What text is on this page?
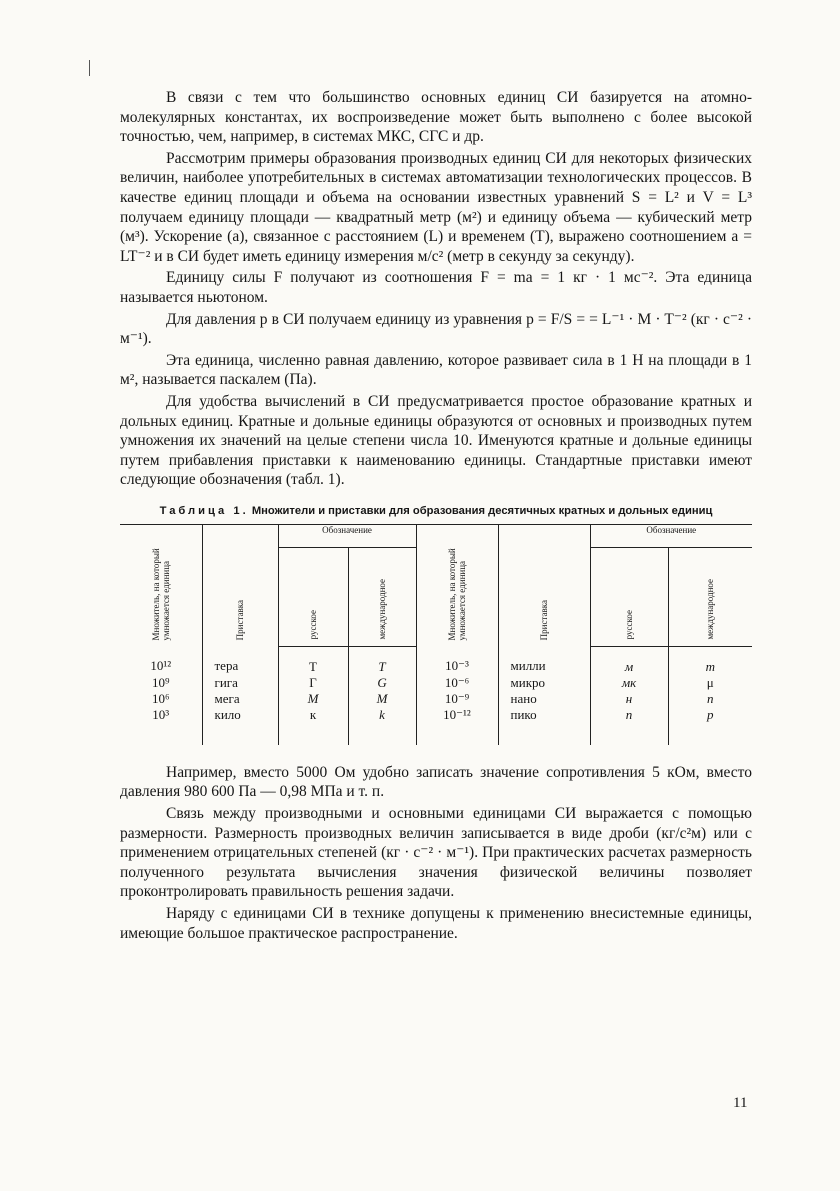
В связи с тем что большинство основных единиц СИ базируется на атомно-молекулярных константах, их воспроизведение может быть выполнено с более высокой точностью, чем, например, в системах МКС, СГС и др.

Рассмотрим примеры образования производных единиц СИ для некоторых физических величин, наиболее употребительных в системах автоматизации технологических процессов. В качестве единиц площади и объема на основании известных уравнений S = L² и V = L³ получаем единицу площади — квадратный метр (м²) и единицу объема — кубический метр (м³). Ускорение (a), связанное с расстоянием (L) и временем (T), выражено соотношением a = LT⁻² и в СИ будет иметь единицу измерения м/с² (метр в секунду за секунду).

Единицу силы F получают из соотношения F = ma = 1 кг · 1 мс⁻². Эта единица называется ньютоном.

Для давления p в СИ получаем единицу из уравнения p = F/S = = L⁻¹ · M · T⁻² (кг · с⁻² · м⁻¹).

Эта единица, численно равная давлению, которое развивает сила в 1 Н на площади в 1 м², называется паскалем (Па).

Для удобства вычислений в СИ предусматривается простое образование кратных и дольных единиц. Кратные и дольные единицы образуются от основных и производных путем умножения их значений на целые степени числа 10. Именуются кратные и дольные единицы путем прибавления приставки к наименованию единицы. Стандартные приставки имеют следующие обозначения (табл. 1).

Таблица 1. Множители и приставки для образования десятичных кратных и дольных единиц
Множитель, на который умножается единица	Приставка	Обозначение		Множитель, на который умножается единица	Приставка	Обозначение	

		русское	международное			русское	международное

10¹²	тера	Т	T	10⁻³	милли	м	m
10⁹	гига	Г	G	10⁻⁶	микро	мк	μ
10⁶	мега	М	M	10⁻⁹	нано	н	n
10³	кило	к	k	10⁻¹²	пико	п	p

Например, вместо 5000 Ом удобно записать значение сопротивления 5 кОм, вместо давления 980 600 Па — 0,98 МПа и т. п.

Связь между производными и основными единицами СИ выражается с помощью размерности. Размерность производных величин записывается в виде дроби (кг/с²м) или с применением отрицательных степеней (кг · с⁻² · м⁻¹). При практических расчетах размерность полученного результата вычисления значения физической величины позволяет проконтролировать правильность решения задачи.

Наряду с единицами СИ в технике допущены к применению внесистемные единицы, имеющие большое практическое распространение.

11
